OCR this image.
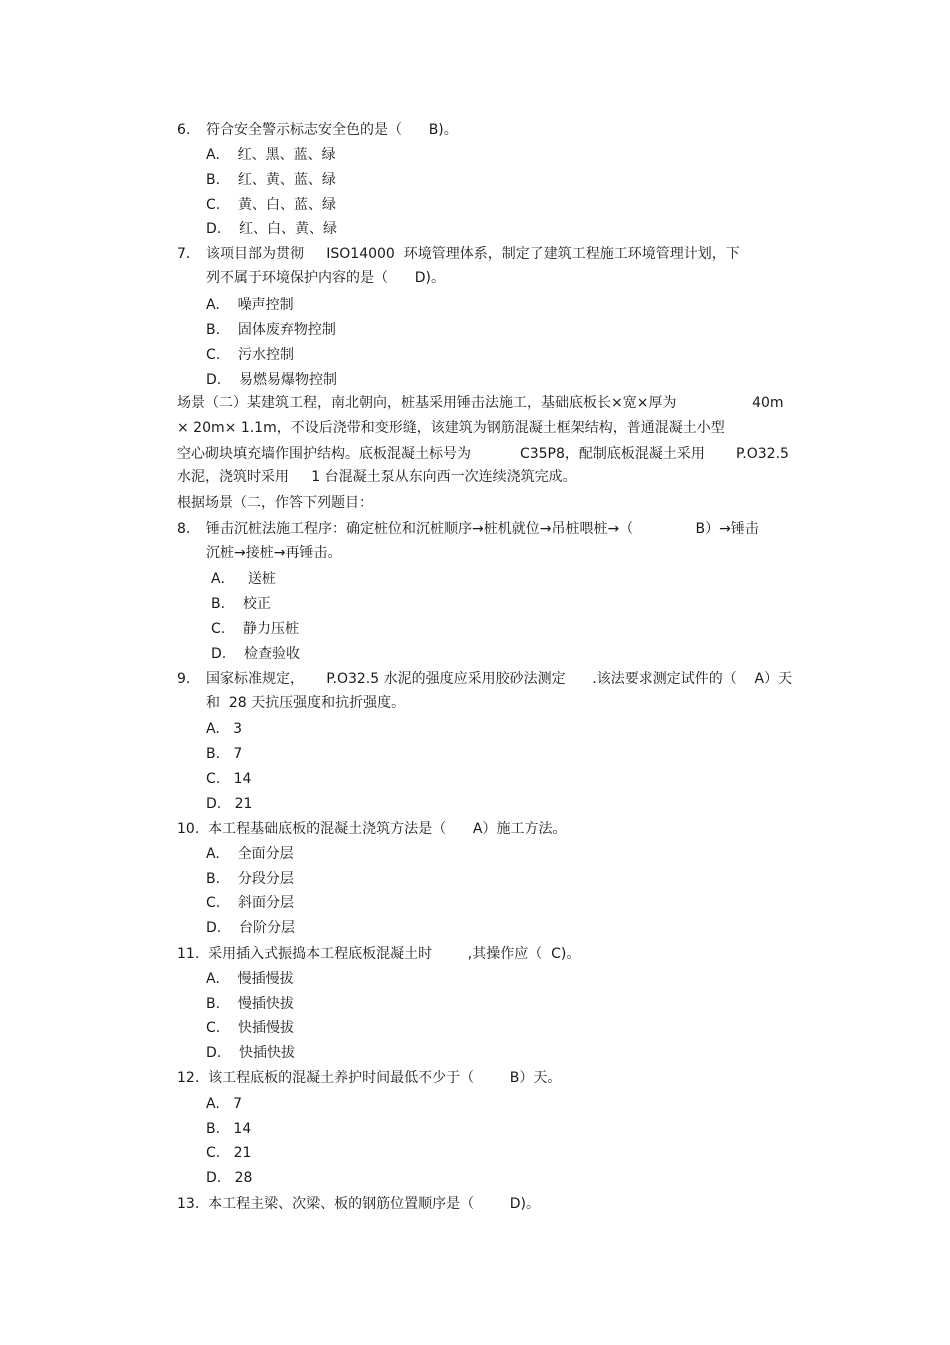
6. 符合安全警示标志安全色的是（      B)。
A.    红、黑、蓝、绿
B.    红、黄、蓝、绿
C.    黄、白、蓝、绿
D.    红、白、黄、绿
7. 该项目部为贯彻     ISO14000  环境管理体系，制定了建筑工程施工环境管理计划，下
列不属于环境保护内容的是（      D)。
A.    噪声控制
B.    固体废弃物控制
C.    污水控制
D.    易燃易爆物控制
场景（二）某建筑工程，南北朝向，桩基采用锤击法施工，基础底板长×宽×厚为                 40m
× 20m× 1.1m，不设后浇带和变形缝，该建筑为钢筋混凝土框架结构，普通混凝土小型
空心砌块填充墙作围护结构。底板混凝土标号为           C35P8，配制底板混凝土采用       P.O32.5
水泥，浇筑时采用     1 台混凝土泵从东向西一次连续浇筑完成。
根据场景（二，作答下列题目：
8. 锤击沉桩法施工程序：确定桩位和沉桩顺序→桩机就位→吊桩喂桩→（              B）→锤击
沉桩→接桩→再锤击。
A．   送桩
B.    校正
C.    静力压桩
D.    检查验收
9. 国家标准规定，     P.O32.5 水泥的强度应采用胶砂法测定      .该法要求测定试件的（    A）天
和  28 天抗压强度和抗折强度。
A.   3
B.   7
C.   14
D.   21
10.  本工程基础底板的混凝土浇筑方法是（      A）施工方法。
A.    全面分层
B.    分段分层
C.    斜面分层
D.    台阶分层
11.  采用插入式振捣本工程底板混凝土时        ,其操作应（  C)。
A.    慢插慢拔
B.    慢插快拔
C.    快插慢拔
D.    快插快拔
12.  该工程底板的混凝土养护时间最低不少于（        B）天。
A.   7
B.   14
C.   21
D.   28
13.  本工程主梁、次梁、板的钢筋位置顺序是（        D)。
